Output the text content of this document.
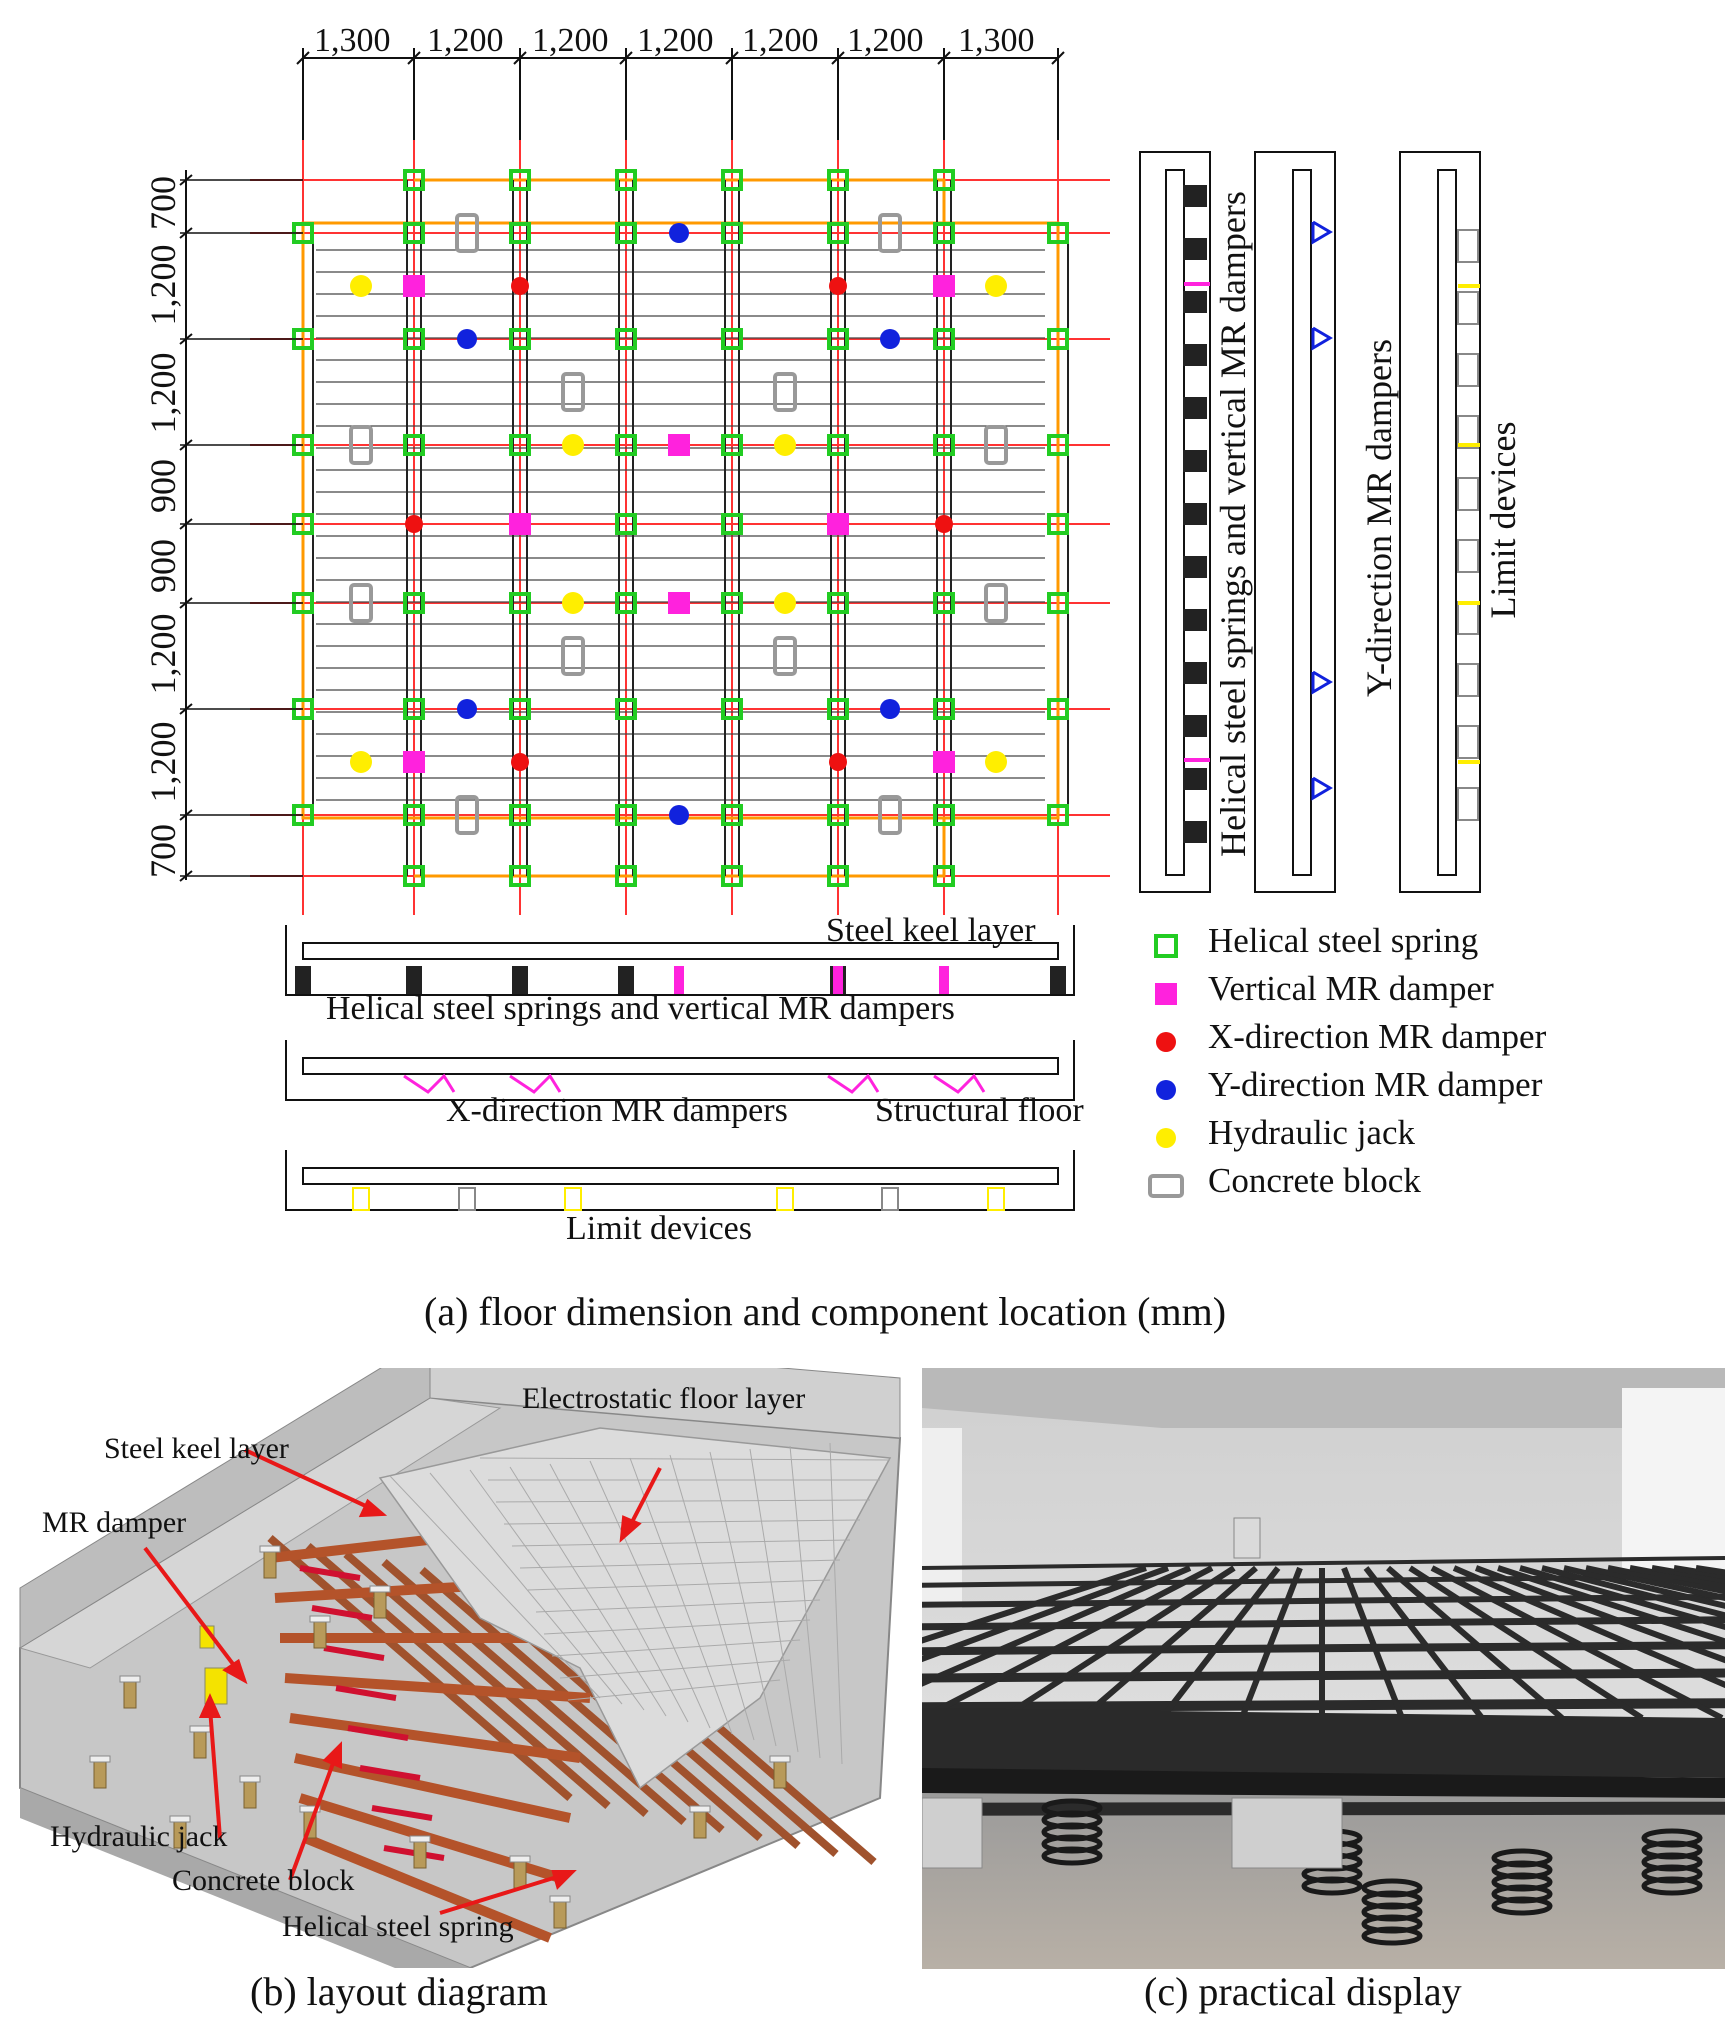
1,300 1,200 1,200 1,200 1,200 1,200 1,300
700
1,200
1,200
900
900
1,200
1,200
700	Helical steel springs and vertical MR dampers	Y-direction MR dampers Limit devices
Steel keel layer
Helical steel springs and vertical MR dampers
X-direction MR dampers	Structural floor
Limit devices
Helical steel spring
Vertical MR damper
X-direction MR damper
Y-direction MR damper
Hydraulic jack
Concrete block
(a) floor dimension and component location (mm)
Electrostatic floor layer
Steel keel layer
MR damper
Hydraulic jack
Concrete block
Helical steel spring
(b) layout diagram	(c) practical display
